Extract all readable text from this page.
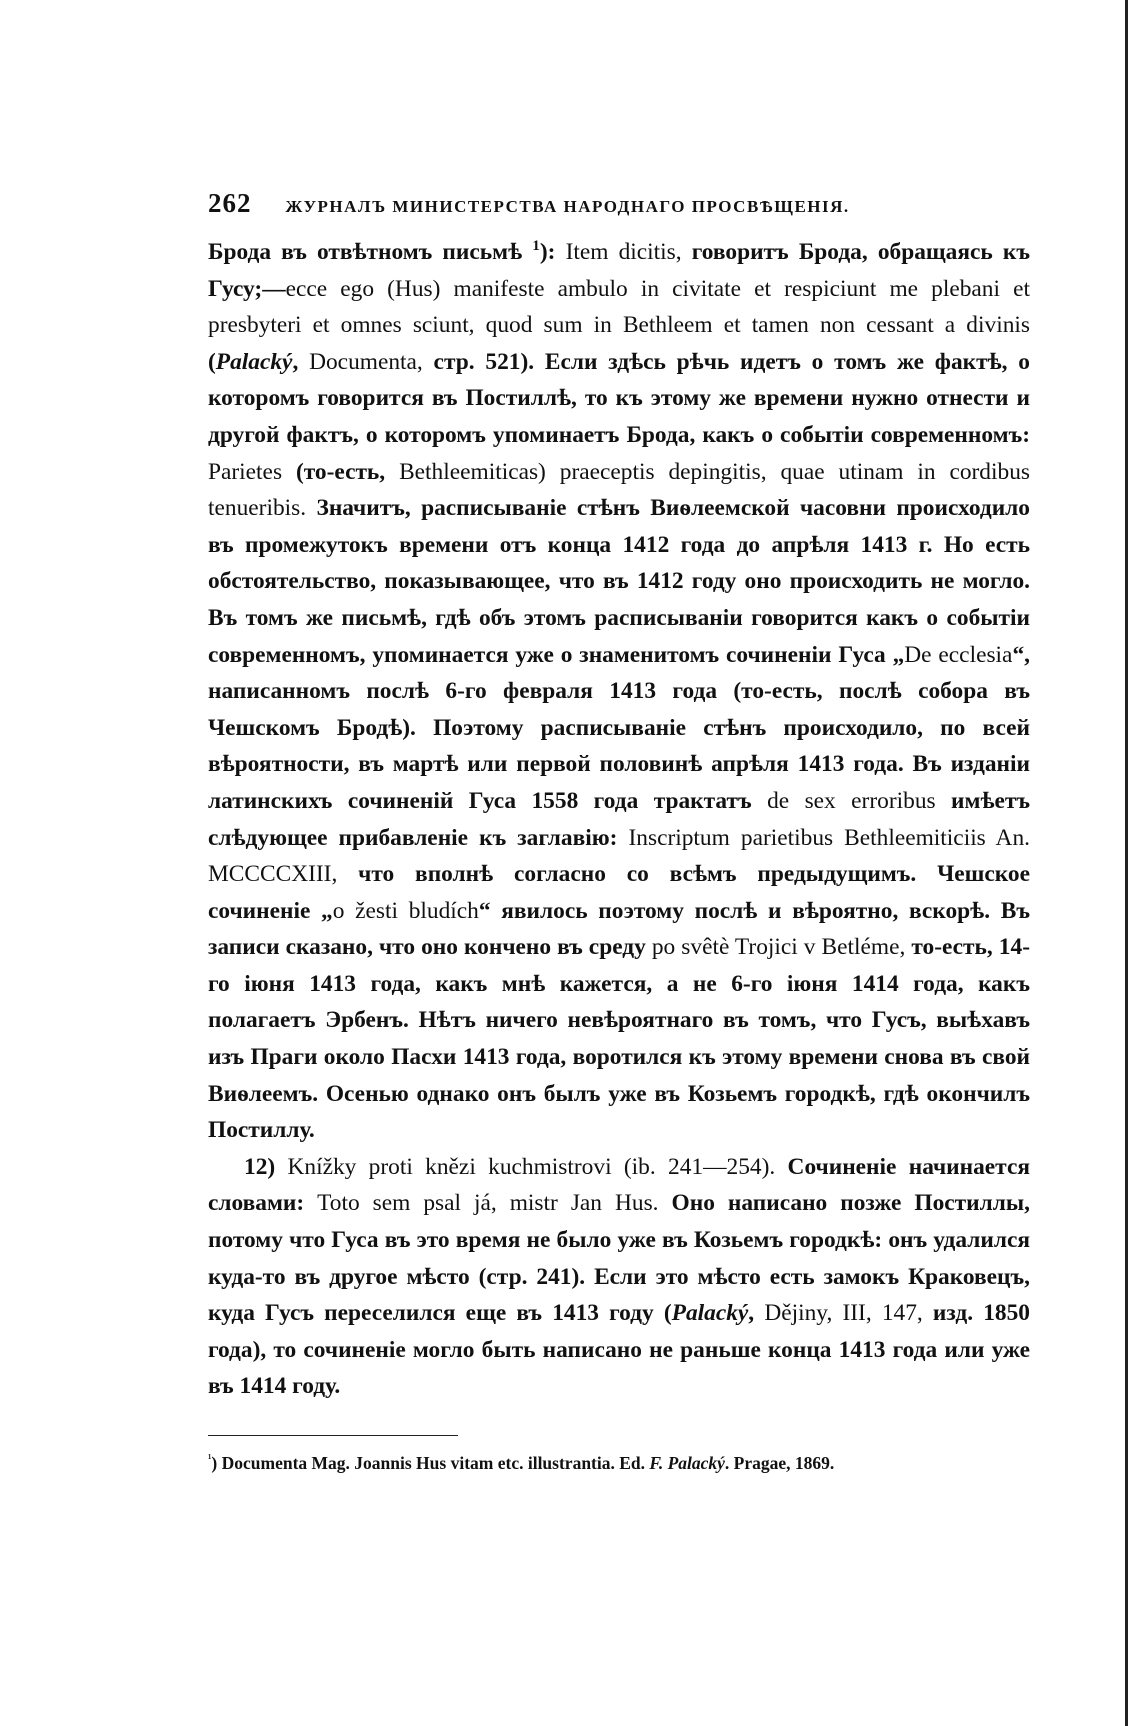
262 ЖУРНАЛЪ МИНИСТЕРСТВА НАРОДНАГО ПРОСВѢЩЕНІЯ.

Брода въ отвѣтномъ письмѣ $^1$): Item dicitis, говоритъ Брода, обращаясь къ Гусу;—ecce ego (Hus) manifeste ambulo in civitate et respiciunt me plebani et presbyteri et omnes sciunt, quod sum in Bethleem et tamen non cessant a divinis (Palacký, Documenta, стр. 521). Если здѣсь рѣчь идетъ о томъ же фактѣ, о которомъ говорится въ Постиллѣ, то къ этому же времени нужно отнести и другой фактъ, о которомъ упоминаетъ Брода, какъ о событіи современномъ: Parietes (то-есть, Bethleemiticas) praeceptis depingitis, quae utinam in cordibus tenueribis. Значитъ, расписываніе стѣнъ Виѳлеемской часовни происходило въ промежутокъ времени отъ конца 1412 года до апрѣля 1413 г. Но есть обстоятельство, показывающее, что въ 1412 году оно происходить не могло. Въ томъ же письмѣ, гдѣ объ этомъ расписываніи говорится какъ о событіи современномъ, упоминается уже о знаменитомъ сочиненіи Гуса „De ecclesia“, написанномъ послѣ 6-го февраля 1413 года (то-есть, послѣ собора въ Чешскомъ Бродѣ). Поэтому расписываніе стѣнъ происходило, по всей вѣроятности, въ мартѣ или первой половинѣ апрѣля 1413 года. Въ изданіи латинскихъ сочиненій Гуса 1558 года трактатъ de sex erroribus имѣетъ слѣдующее прибавленіе къ заглавію: Inscriptum parietibus Bethleemiticiis An. MCCCCXIII, что вполнѣ согласно со всѣмъ предыдущимъ. Чешское сочиненіе „o žesti bludích“ явилось поэтому послѣ и вѣроятно, вскорѣ. Въ записи сказано, что оно кончено въ среду po svêtè Trojici v Betlémе, то-есть, 14-го іюня 1413 года, какъ мнѣ кажется, а не 6-го іюня 1414 года, какъ полагаетъ Эрбенъ. Нѣтъ ничего невѣроятнаго въ томъ, что Гусъ, выѣхавъ изъ Праги около Пасхи 1413 года, воротился къ этому времени снова въ свой Виѳлеемъ. Осенью однако онъ былъ уже въ Козьемъ городкѣ, гдѣ окончилъ Постиллу.

12) Knížky proti knězi kuchmistrovi (ib. 241—254). Сочиненіе начинается словами: Toto sem psal já, mistr Jan Hus. Оно написано позже Постиллы, потому что Гуса въ это время не было уже въ Козьемъ городкѣ: онъ удалился куда-то въ другое мѣсто (стр. 241). Если это мѣсто есть замокъ Краковецъ, куда Гусъ переселился еще въ 1413 году (Palacký, Dějiny, III, 147, изд. 1850 года), то сочиненіе могло быть написано не раньше конца 1413 года или уже въ 1414 году.

$^{^1}$) Documenta Mag. Joannis Hus vitam etc. illustrantia. Ed. F. Palacký. Pragae, 1869.
